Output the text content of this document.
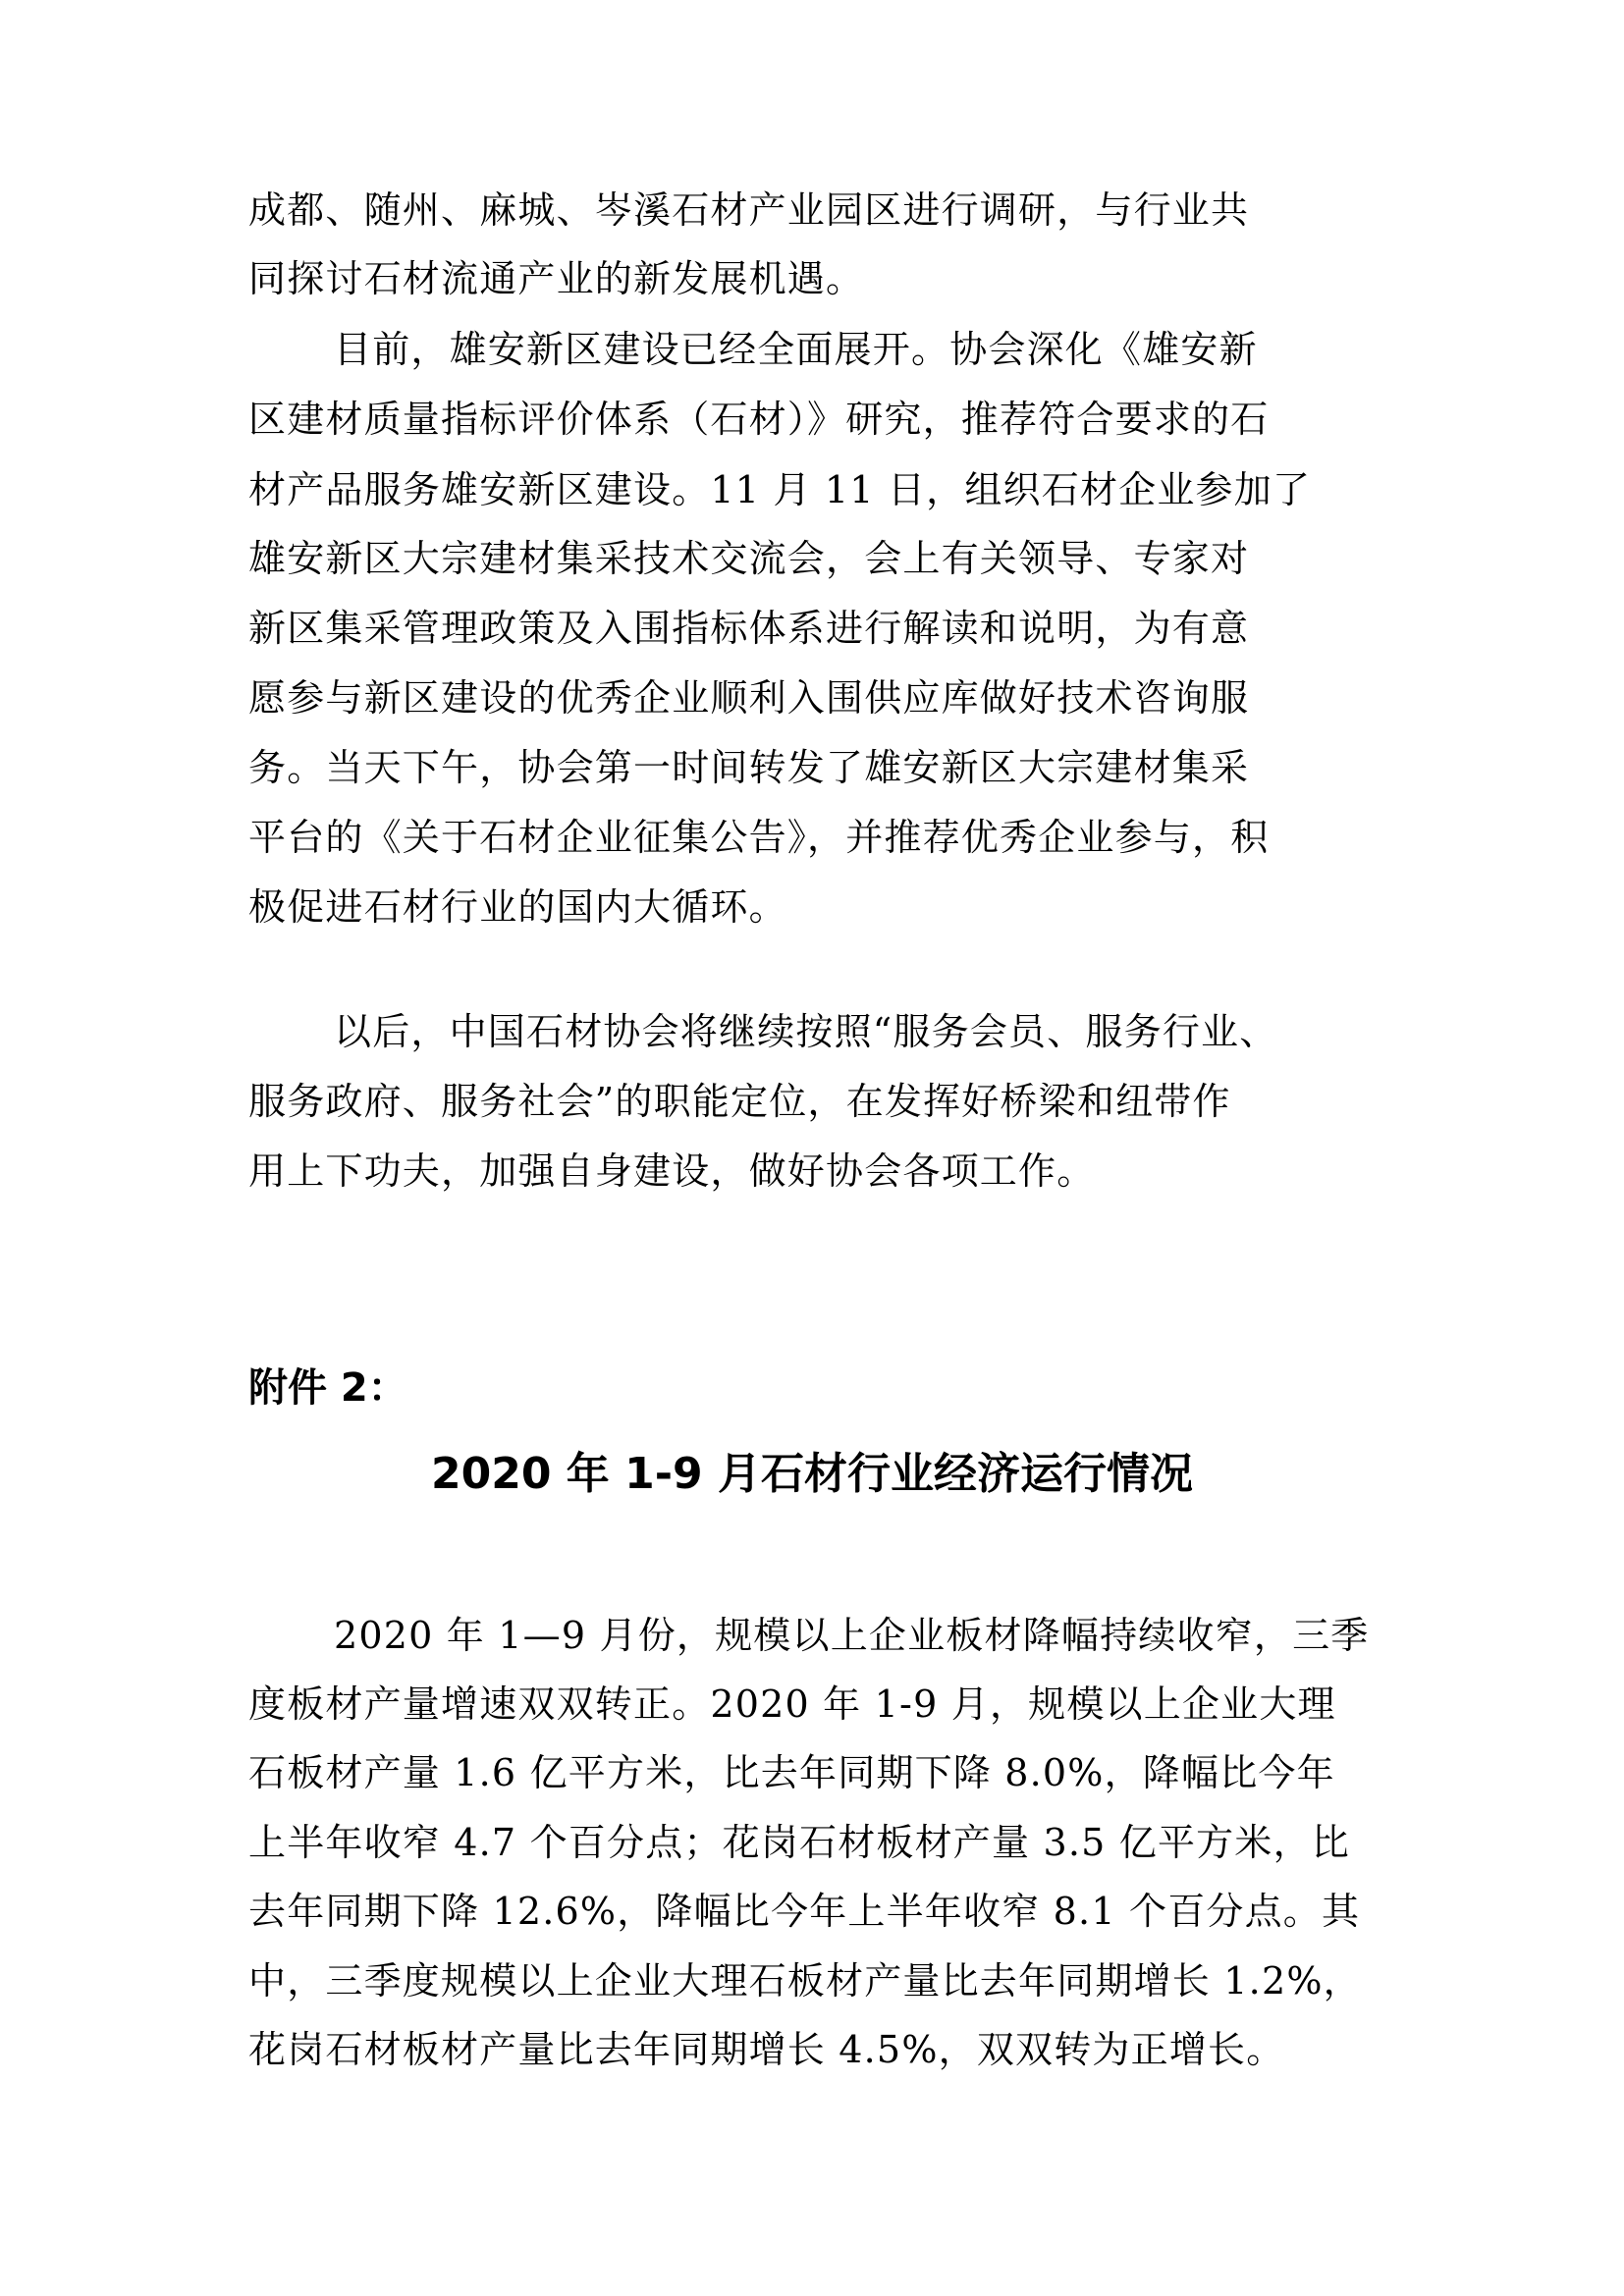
成都、随州、麻城、岑溪石材产业园区进行调研，与行业共
同探讨石材流通产业的新发展机遇。
目前，雄安新区建设已经全面展开。协会深化《雄安新
区建材质量指标评价体系（石材）》研究，推荐符合要求的石
材产品服务雄安新区建设。11 月 11 日，组织石材企业参加了
雄安新区大宗建材集采技术交流会，会上有关领导、专家对
新区集采管理政策及入围指标体系进行解读和说明，为有意
愿参与新区建设的优秀企业顺利入围供应库做好技术咨询服
务。当天下午，协会第一时间转发了雄安新区大宗建材集采
平台的《关于石材企业征集公告》，并推荐优秀企业参与，积
极促进石材行业的国内大循环。
以后，中国石材协会将继续按照“服务会员、服务行业、
服务政府、服务社会”的职能定位，在发挥好桥梁和纽带作
用上下功夫，加强自身建设，做好协会各项工作。
附件 2：
2020 年 1-9 月石材行业经济运行情况
2020 年 1—9 月份，规模以上企业板材降幅持续收窄，三季
度板材产量增速双双转正。2020 年 1-9 月，规模以上企业大理
石板材产量 1.6 亿平方米，比去年同期下降 8.0%，降幅比今年
上半年收窄 4.7 个百分点；花岗石材板材产量 3.5 亿平方米，比
去年同期下降 12.6%，降幅比今年上半年收窄 8.1 个百分点。其
中，三季度规模以上企业大理石板材产量比去年同期增长 1.2%，
花岗石材板材产量比去年同期增长 4.5%，双双转为正增长。
